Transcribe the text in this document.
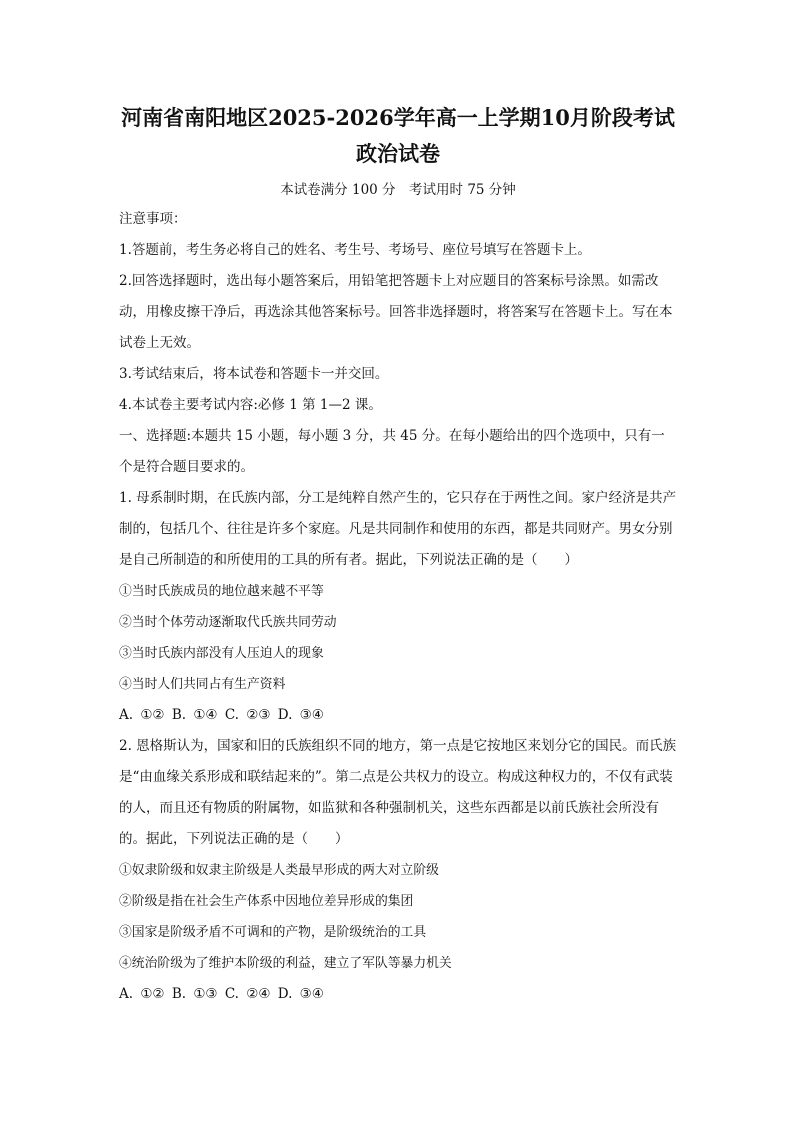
河南省南阳地区2025-2026学年高一上学期10月阶段考试
政治试卷
本试卷满分 100 分　考试用时 75 分钟

注意事项：

1.答题前，考生务必将自己的姓名、考生号、考场号、座位号填写在答题卡上。

2.回答选择题时，选出每小题答案后，用铅笔把答题卡上对应题目的答案标号涂黑。如需改动，用橡皮擦干净后，再选涂其他答案标号。回答非选择题时，将答案写在答题卡上。写在本试卷上无效。

3.考试结束后，将本试卷和答题卡一并交回。

4.本试卷主要考试内容:必修 1 第 1—2 课。

一、选择题:本题共 15 小题，每小题 3 分，共 45 分。在每小题给出的四个选项中，只有一个是符合题目要求的。

1. 母系制时期，在氏族内部，分工是纯粹自然产生的，它只存在于两性之间。家户经济是共产制的，包括几个、往往是许多个家庭。凡是共同制作和使用的东西，都是共同财产。男女分别是自己所制造的和所使用的工具的所有者。据此，下列说法正确的是（　　）

①当时氏族成员的地位越来越不平等

②当时个体劳动逐渐取代氏族共同劳动

③当时氏族内部没有人压迫人的现象

④当时人们共同占有生产资料

A. ①② B. ①④ C. ②③ D. ③④

2. 恩格斯认为，国家和旧的氏族组织不同的地方，第一点是它按地区来划分它的国民。而氏族是“由血缘关系形成和联结起来的”。第二点是公共权力的设立。构成这种权力的，不仅有武装的人，而且还有物质的附属物，如监狱和各种强制机关，这些东西都是以前氏族社会所没有的。据此，下列说法正确的是（　　）

①奴隶阶级和奴隶主阶级是人类最早形成的两大对立阶级

②阶级是指在社会生产体系中因地位差异形成的集团

③国家是阶级矛盾不可调和的产物，是阶级统治的工具

④统治阶级为了维护本阶级的利益，建立了军队等暴力机关

A. ①② B. ①③ C. ②④ D. ③④
